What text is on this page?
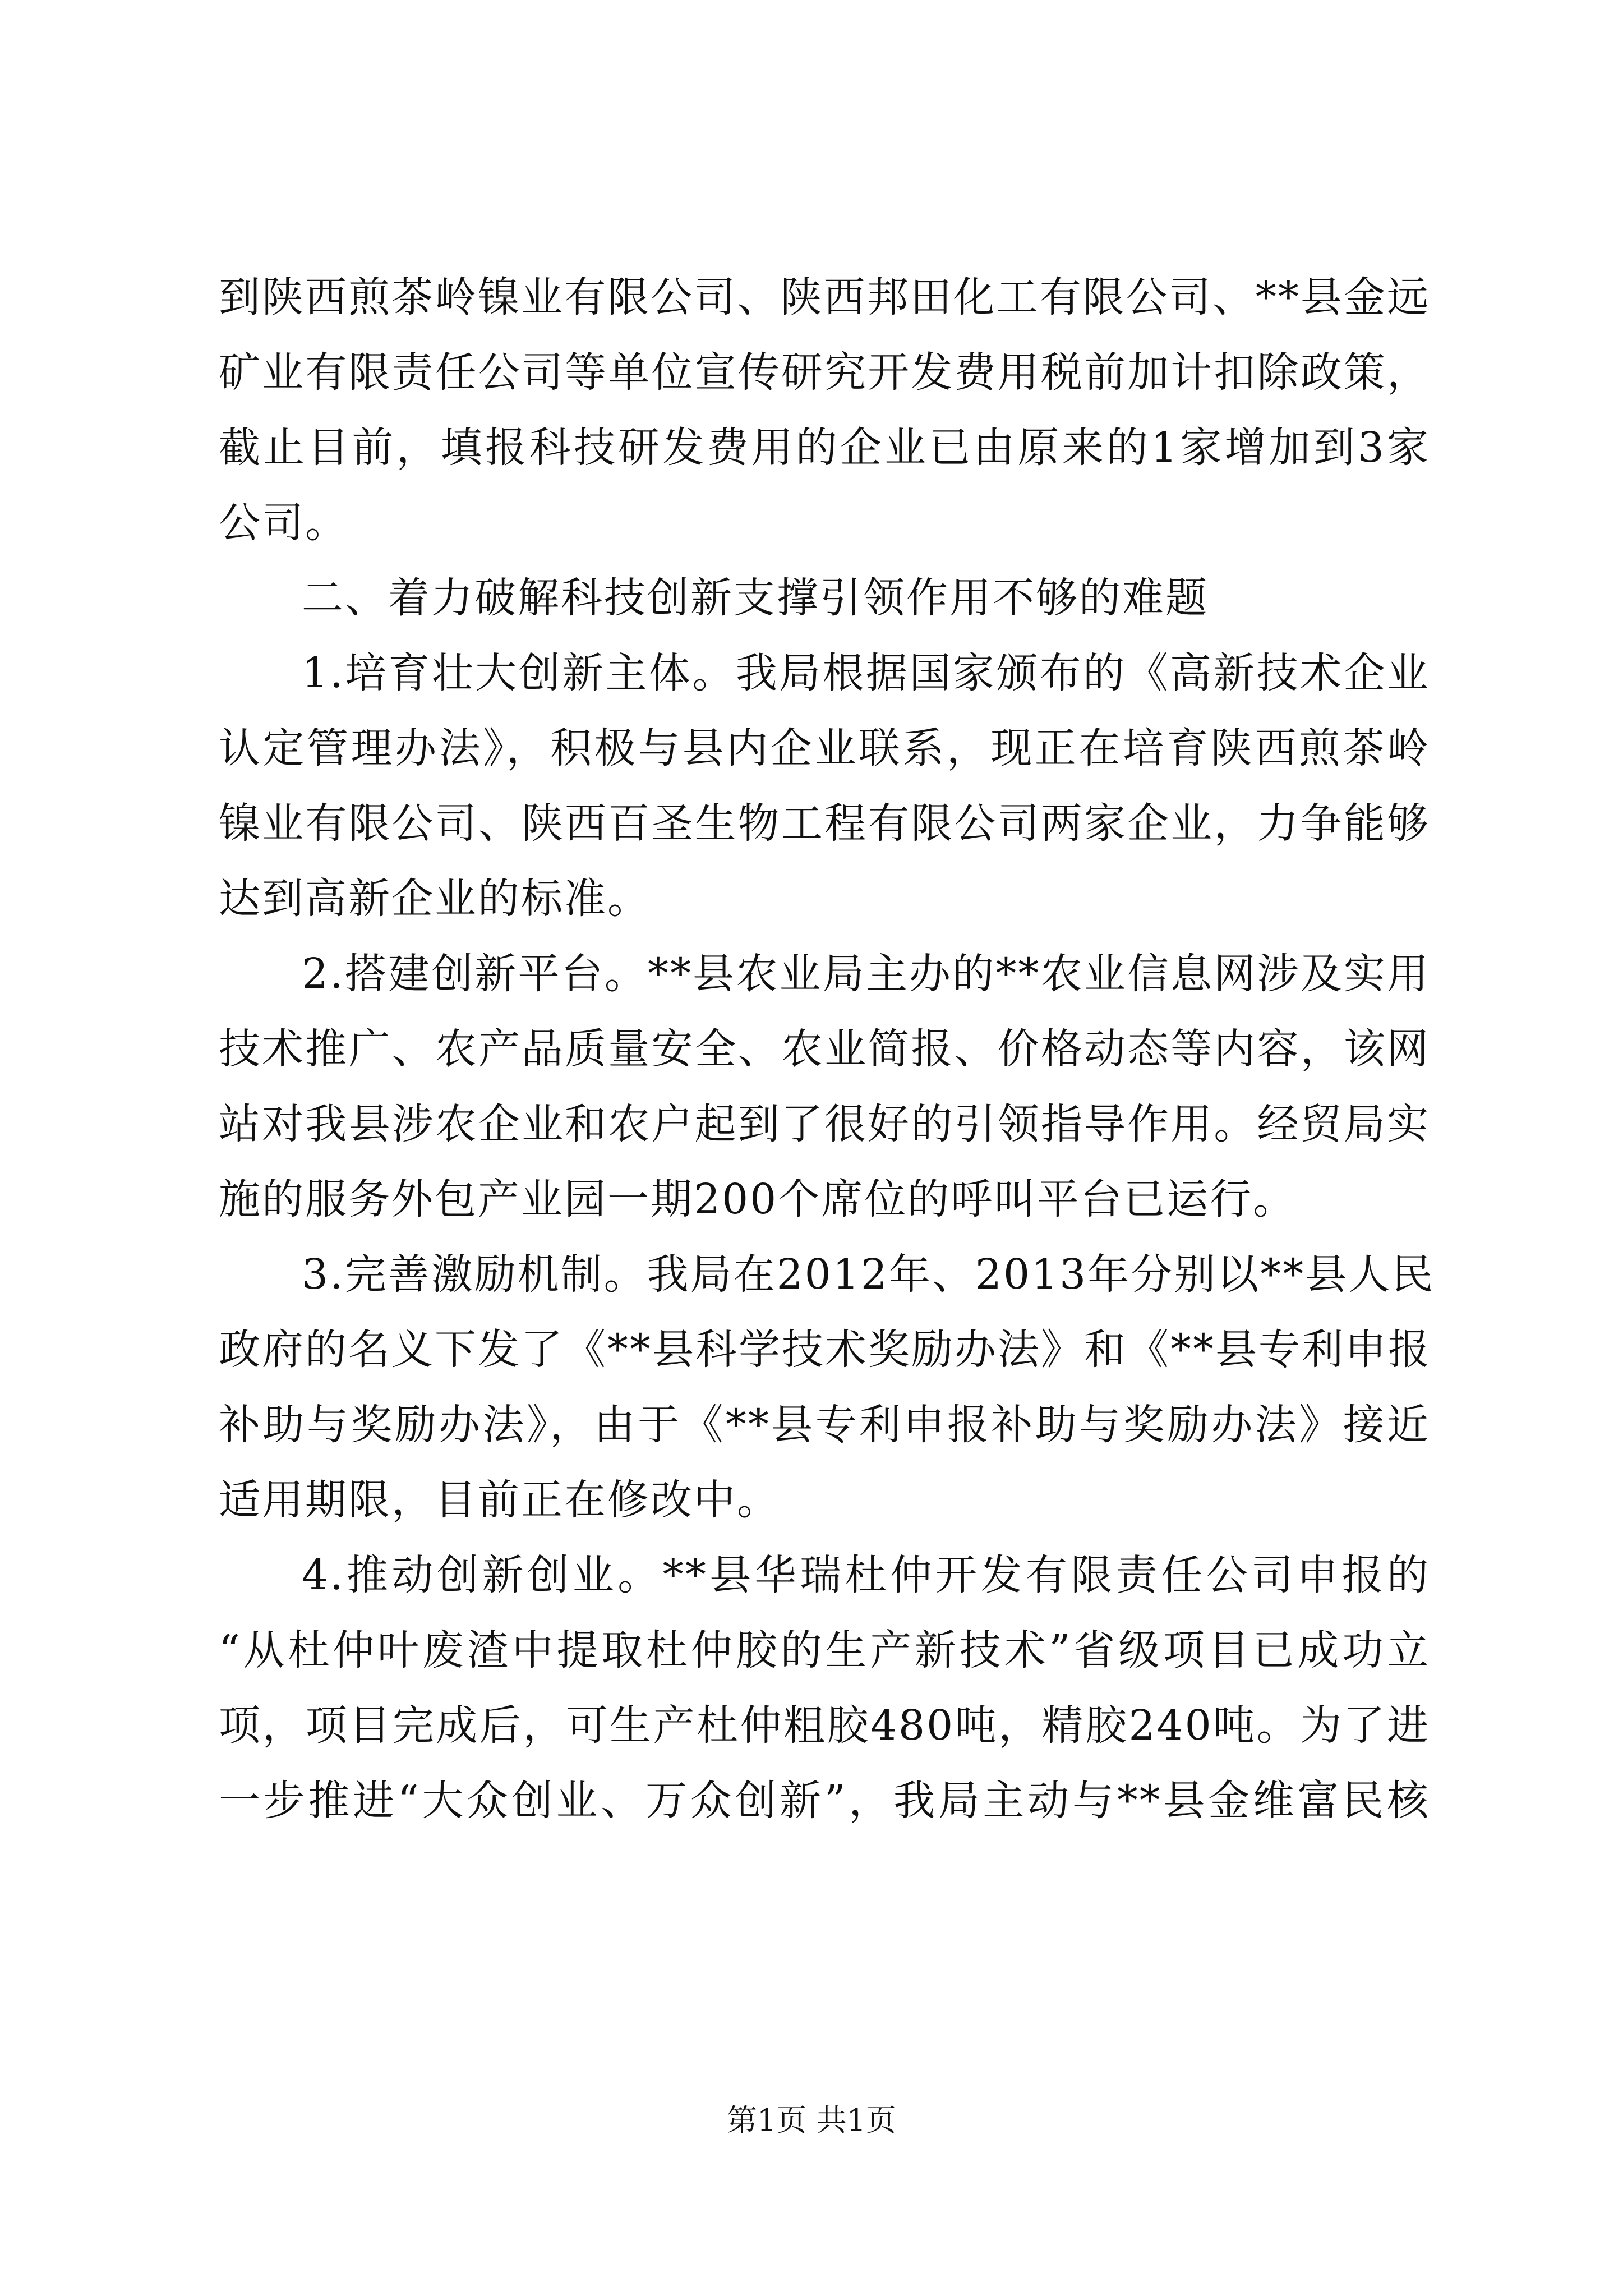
到陕西煎茶岭镍业有限公司、陕西邦田化工有限公司、**县金远
矿业有限责任公司等单位宣传研究开发费用税前加计扣除政策，
截止目前，填报科技研发费用的企业已由原来的1家增加到3家
公司。
二、着力破解科技创新支撑引领作用不够的难题
1.培育壮大创新主体。我局根据国家颁布的《高新技术企业
认定管理办法》，积极与县内企业联系，现正在培育陕西煎茶岭
镍业有限公司、陕西百圣生物工程有限公司两家企业，力争能够
达到高新企业的标准。
2.搭建创新平台。**县农业局主办的**农业信息网涉及实用
技术推广、农产品质量安全、农业简报、价格动态等内容，该网
站对我县涉农企业和农户起到了很好的引领指导作用。经贸局实
施的服务外包产业园一期200个席位的呼叫平台已运行。
3.完善激励机制。我局在2012年、2013年分别以**县人民
政府的名义下发了《**县科学技术奖励办法》和《**县专利申报
补助与奖励办法》，由于《**县专利申报补助与奖励办法》接近
适用期限，目前正在修改中。
4.推动创新创业。**县华瑞杜仲开发有限责任公司申报的
“从杜仲叶废渣中提取杜仲胶的生产新技术”省级项目已成功立
项，项目完成后，可生产杜仲粗胶480吨，精胶240吨。为了进
一步推进“大众创业、万众创新”，我局主动与**县金维富民核
第1页 共1页
